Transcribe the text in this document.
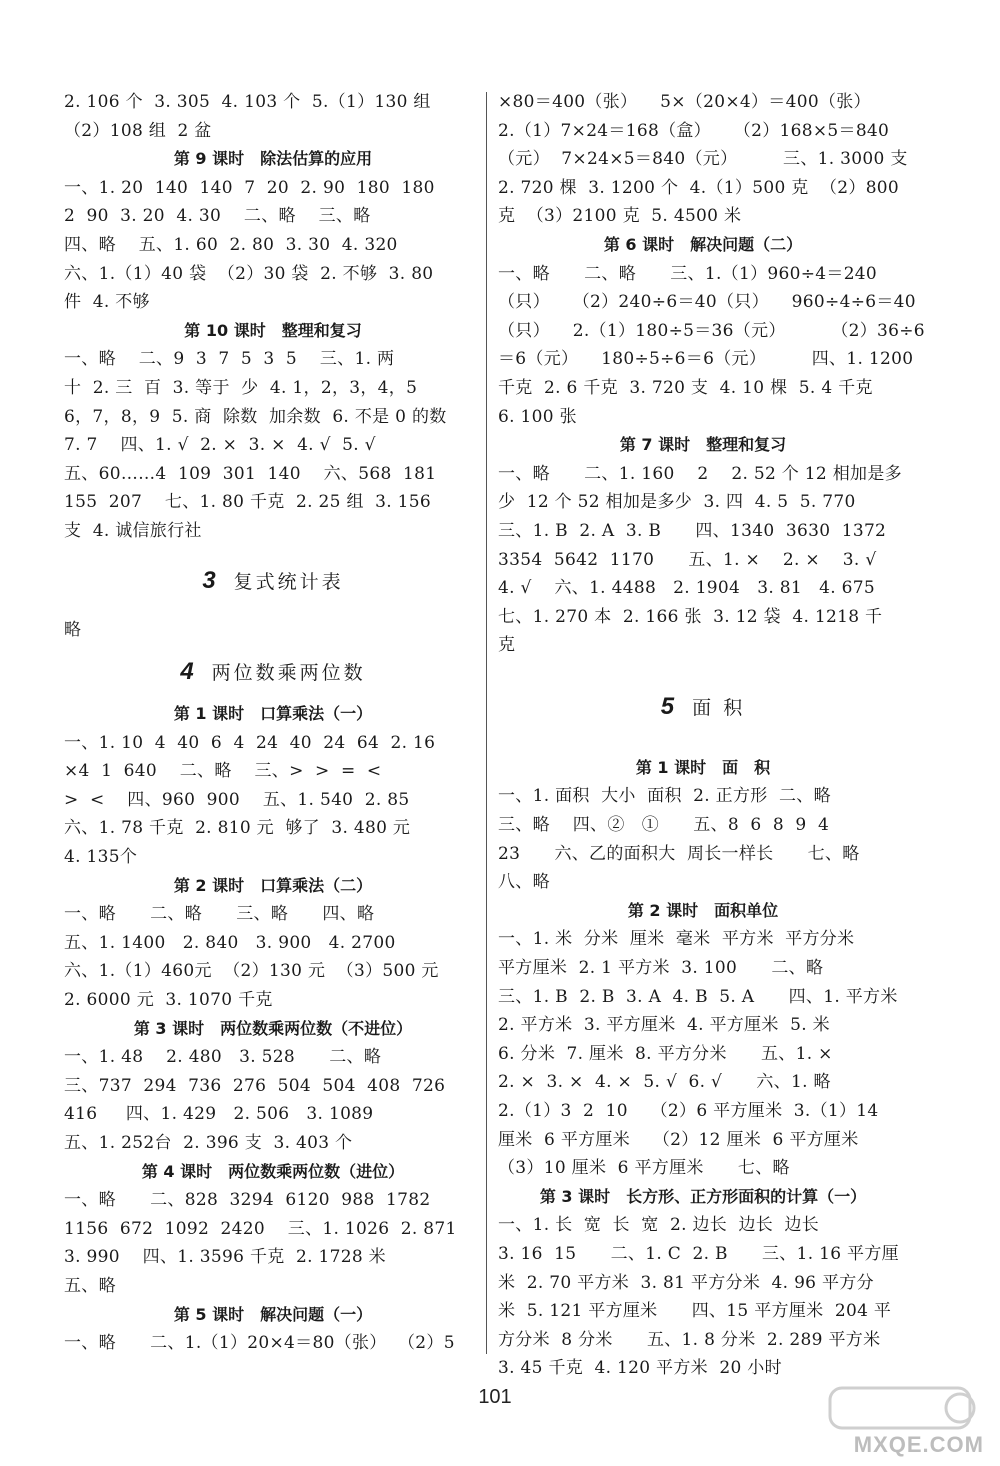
2. 106 个  3. 305  4. 103 个  5.（1）130 组
（2）108 组  2 盆
第 9 课时　除法估算的应用
一、1. 20  140  140  7  20  2. 90  180  180
2  90  3. 20  4. 30    二、略    三、略
四、略    五、1. 60  2. 80  3. 30  4. 320
六、1.（1）40 袋  （2）30 袋  2. 不够  3. 80
件  4. 不够
第 10 课时　整理和复习
一、略    二、9  3  7  5  3  5    三、1. 两
十  2. 三  百  3. 等于  少  4. 1，2，3，4，5
6，7，8，9  5. 商  除数  加余数  6. 不是 0 的数
7. 7    四、1. √  2. ×  3. ×  4. √  5. √
五、60……4  109  301  140    六、568  181
155  207    七、1. 80 千克  2. 25 组  3. 156
支  4. 诚信旅行社
3 复式统计表
略
4 两位数乘两位数
第 1 课时　口算乘法（一）
一、1. 10  4  40  6  4  24  40  24  64  2. 16
×4  1  640    二、略    三、>  >  =  <
>  <    四、960  900    五、1. 540  2. 85
六、1. 78 千克  2. 810 元  够了  3. 480 元
4. 135个
第 2 课时　口算乘法（二）
一、略      二、略      三、略      四、略
五、1. 1400   2. 840   3. 900   4. 2700
六、1.（1）460元  （2）130 元  （3）500 元
2. 6000 元  3. 1070 千克
第 3 课时　两位数乘两位数（不进位）
一、1. 48    2. 480   3. 528      二、略
三、737  294  736  276  504  504  408  726
416     四、1. 429   2. 506   3. 1089
五、1. 252台  2. 396 支  3. 403 个
第 4 课时　两位数乘两位数（进位）
一、略      二、828  3294  6120  988  1782
1156  672  1092  2420    三、1. 1026  2. 871
3. 990    四、1. 3596 千克  2. 1728 米
五、略
第 5 课时　解决问题（一）
一、略      二、1.（1）20×4＝80（张）  （2）5
×80＝400（张）    5×（20×4）＝400（张）
2.（1）7×24＝168（盒）    （2）168×5＝840
（元）  7×24×5＝840（元）        三、1. 3000 支
2. 720 棵  3. 1200 个  4.（1）500 克  （2）800
克  （3）2100 克  5. 4500 米
第 6 课时　解决问题（二）
一、略      二、略      三、1.（1）960÷4＝240
（只）    （2）240÷6＝40（只）    960÷4÷6＝40
（只）    2.（1）180÷5＝36（元）        （2）36÷6
＝6（元）    180÷5÷6＝6（元）        四、1. 1200
千克  2. 6 千克  3. 720 支  4. 10 棵  5. 4 千克
6. 100 张
第 7 课时　整理和复习
一、略      二、1. 160    2    2. 52 个 12 相加是多
少  12 个 52 相加是多少  3. 四  4. 5  5. 770
三、1. B  2. A  3. B      四、1340  3630  1372
3354  5642  1170      五、1. ×    2. ×    3. √
4. √    六、1. 4488   2. 1904   3. 81   4. 675
七、1. 270 本  2. 166 张  3. 12 袋  4. 1218 千
克
5 面 积
第 1 课时　面　积
一、1. 面积  大小  面积  2. 正方形  二、略
三、略    四、②   ①      五、8  6  8  9  4
23      六、乙的面积大  周长一样长      七、略
八、略
第 2 课时　面积单位
一、1. 米  分米  厘米  毫米  平方米  平方分米
平方厘米  2. 1 平方米  3. 100      二、略
三、1. B  2. B  3. A  4. B  5. A      四、1. 平方米
2. 平方米  3. 平方厘米  4. 平方厘米  5. 米
6. 分米  7. 厘米  8. 平方分米      五、1. ×
2. ×  3. ×  4. ×  5. √  6. √      六、1. 略
2.（1）3  2  10    （2）6 平方厘米  3.（1）14
厘米  6 平方厘米    （2）12 厘米  6 平方厘米
（3）10 厘米  6 平方厘米      七、略
第 3 课时　长方形、正方形面积的计算（一）
一、1. 长  宽  长  宽  2. 边长  边长  边长
3. 16  15      二、1. C  2. B      三、1. 16 平方厘
米  2. 70 平方米  3. 81 平方分米  4. 96 平方分
米  5. 121 平方厘米      四、15 平方厘米  204 平
方分米  8 分米      五、1. 8 分米  2. 289 平方米
3. 45 千克  4. 120 平方米  20 小时
101
MXQE.COM
